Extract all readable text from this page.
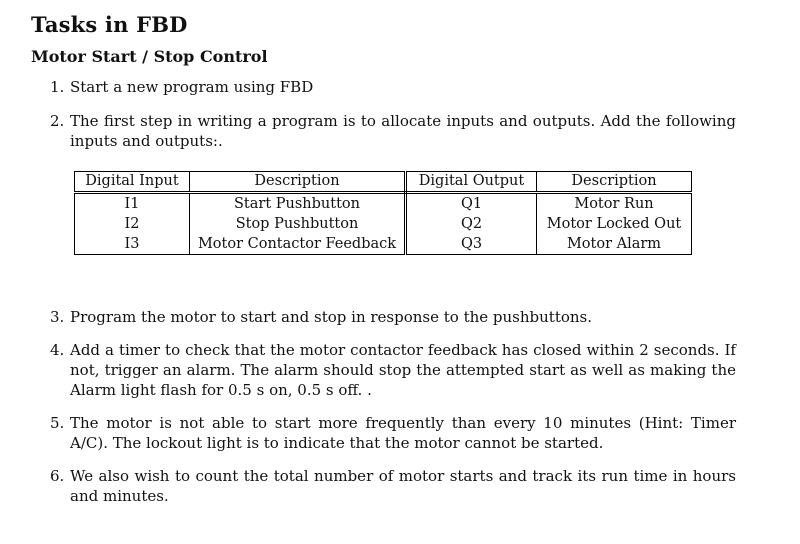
Tasks in FBD
Motor Start / Stop Control
1. Start a new program using FBD
2. The first step in writing a program is to allocate inputs and outputs. Add the following inputs and outputs:.
Digital Input	Description	Digital Output	Description
I1	Start Pushbutton	Q1	Motor Run
I2	Stop Pushbutton	Q2	Motor Locked Out
I3	Motor Contactor Feedback	Q3	Motor Alarm
3. Program the motor to start and stop in response to the pushbuttons.
4. Add a timer to check that the motor contactor feedback has closed within 2 seconds. If not, trigger an alarm. The alarm should stop the attempted start as well as making the Alarm light flash for 0.5 s on, 0.5 s off. .
5. The motor is not able to start more frequently than every 10 minutes (Hint: Timer A/C). The lockout light is to indicate that the motor cannot be started.
6. We also wish to count the total number of motor starts and track its run time in hours and minutes.
